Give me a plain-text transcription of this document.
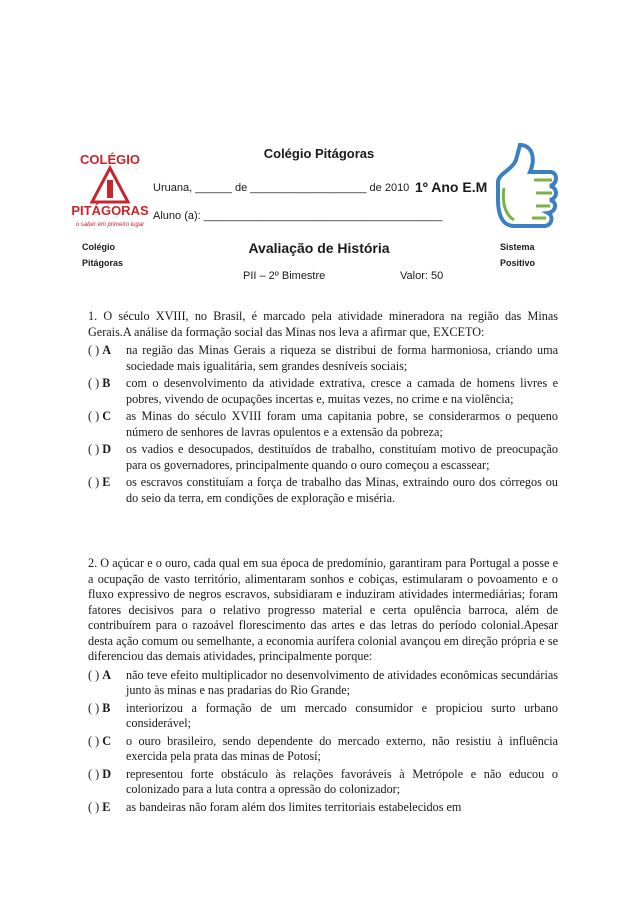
COLÉGIO
PITÁGORAS
o saber em primeiro lugar
Colégio Pitágoras
Uruana, ______ de ___________________ de 2010 1º Ano E.M
Aluno (a): _______________________________________
Colégio
Pitágoras
Sistema
Positivo
Avaliação de História
PII – 2º Bimestre	Valor: 50

1. O século XVIII, no Brasil, é marcado pela atividade mineradora na região das Minas Gerais.A análise da formação social das Minas nos leva a afirmar que, EXCETO:

( ) A	na região das Minas Gerais a riqueza se distribui de forma harmoniosa, criando uma sociedade mais igualitária, sem grandes desníveis sociais;
( ) B	com o desenvolvimento da atividade extrativa, cresce a camada de homens livres e pobres, vivendo de ocupações incertas e, muitas vezes, no crime e na violência;
( ) C	as Minas do século XVIII foram uma capitania pobre, se considerarmos o pequeno número de senhores de lavras opulentos e a extensão da pobreza;
( ) D	os vadios e desocupados, destituídos de trabalho, constituíam motivo de preocupação para os governadores, principalmente quando o ouro começou a escassear;
( ) E	os escravos constituíam a força de trabalho das Minas, extraindo ouro dos córregos ou do seio da terra, em condições de exploração e miséria.

2. O açúcar e o ouro, cada qual em sua época de predomínio, garantiram para Portugal a posse e a ocupação de vasto território, alimentaram sonhos e cobiças, estimularam o povoamento e o fluxo expressivo de negros escravos, subsidiaram e induziram atividades intermediárias; foram fatores decisivos para o relativo progresso material e certa opulência barroca, além de contribuírem para o razoável florescimento das artes e das letras do período colonial.Apesar desta ação comum ou semelhante, a economia aurífera colonial avançou em direção própria e se diferenciou das demais atividades, principalmente porque:

( ) A	não teve efeito multiplicador no desenvolvimento de atividades econômicas secundárias junto às minas e nas pradarias do Rio Grande;
( ) B	interiorizou a formação de um mercado consumidor e propiciou surto urbano considerável;
( ) C	o ouro brasileiro, sendo dependente do mercado externo, não resistiu à influência exercida pela prata das minas de Potosí;
( ) D	representou forte obstáculo às relações favoráveis à Metrópole e não educou o colonizado para a luta contra a opressão do colonizador;
( ) E	as bandeiras não foram além dos limites territoriais estabelecidos em
